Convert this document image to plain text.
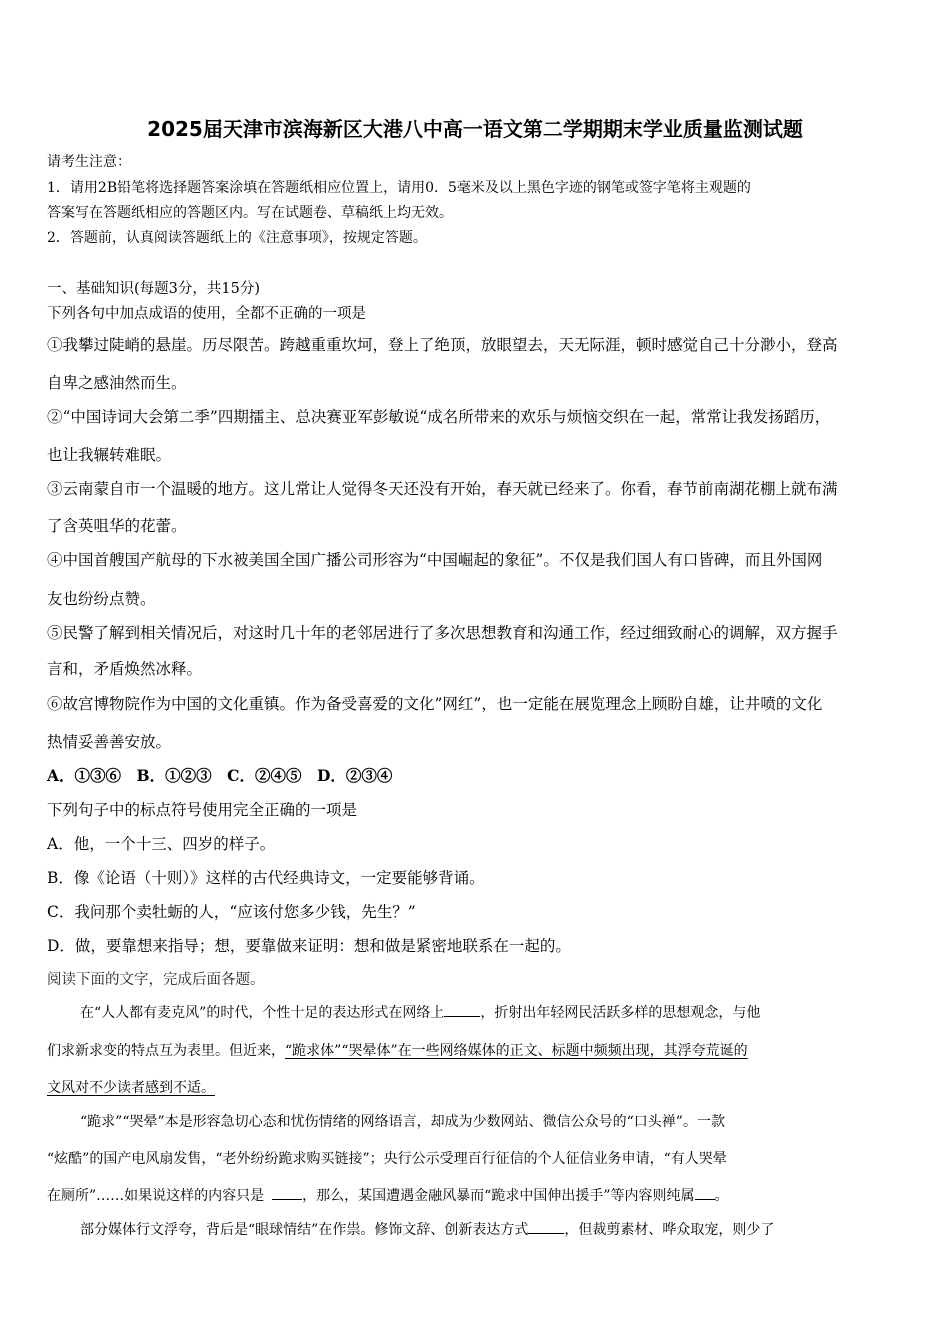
2025届天津市滨海新区大港八中高一语文第二学期期末学业质量监测试题
请考生注意：
1．请用2B铅笔将选择题答案涂填在答题纸相应位置上，请用0．5毫米及以上黑色字迹的钢笔或签字笔将主观题的
答案写在答题纸相应的答题区内。写在试题卷、草稿纸上均无效。
2．答题前，认真阅读答题纸上的《注意事项》，按规定答题。
一、基础知识(每题3分，共15分)
下列各句中加点成语的使用，全都不正确的一项是
①我攀过陡峭的悬崖。历尽限苦。跨越重重坎坷，登上了绝顶，放眼望去，天无际涯，顿时感觉自己十分渺小，登高
自卑之感油然而生。
②“中国诗词大会第二季”四期擂主、总决赛亚军彭敏说“成名所带来的欢乐与烦恼交织在一起，常常让我发扬蹈历，
也让我辗转难眠。
③云南蒙自市一个温暖的地方。这儿常让人觉得冬天还没有开始，春天就已经来了。你看，春节前南湖花棚上就布满
了含英咀华的花蕾。
④中国首艘国产航母的下水被美国全国广播公司形容为“中国崛起的象征”。不仅是我们国人有口皆碑，而且外国网
友也纷纷点赞。
⑤民警了解到相关情况后，对这时几十年的老邻居进行了多次思想教育和沟通工作，经过细致耐心的调解，双方握手
言和，矛盾焕然冰释。
⑥故宫博物院作为中国的文化重镇。作为备受喜爱的文化”网红”，也一定能在展览理念上顾盼自雄，让井喷的文化
热情妥善善安放。
A．①③⑥　B．①②③　C．②④⑤　D．②③④
下列句子中的标点符号使用完全正确的一项是
A．他，一个十三、四岁的样子。
B．像《论语（十则）》这样的古代经典诗文，一定要能够背诵。
C．我问那个卖牡蛎的人，“应该付您多少钱，先生？”
D．做，要靠想来指导；想，要靠做来证明：想和做是紧密地联系在一起的。
阅读下面的文字，完成后面各题。
在“人人都有麦克风”的时代，个性十足的表达形式在网络上	，折射出年轻网民活跃多样的思想观念，与他
们求新求变的特点互为表里。但近来，“跪求体”“哭晕体”在一些网络媒体的正文、标题中频频出现，其浮夸荒诞的
文风对不少读者感到不适。
“跪求”“哭晕”本是形容急切心态和忧伤情绪的网络语言，却成为少数网站、微信公众号的“口头禅”。一款
“炫酷”的国产电风扇发售，“老外纷纷跪求购买链接”；央行公示受理百行征信的个人征信业务申请，“有人哭晕
在厕所”……如果说这样的内容只是	，那么，某国遭遇金融风暴而“跪求中国伸出援手”等内容则纯属 。
部分媒体行文浮夸，背后是“眼球情结”在作祟。修饰文辞、创新表达方式	，但裁剪素材、哗众取宠，则少了
